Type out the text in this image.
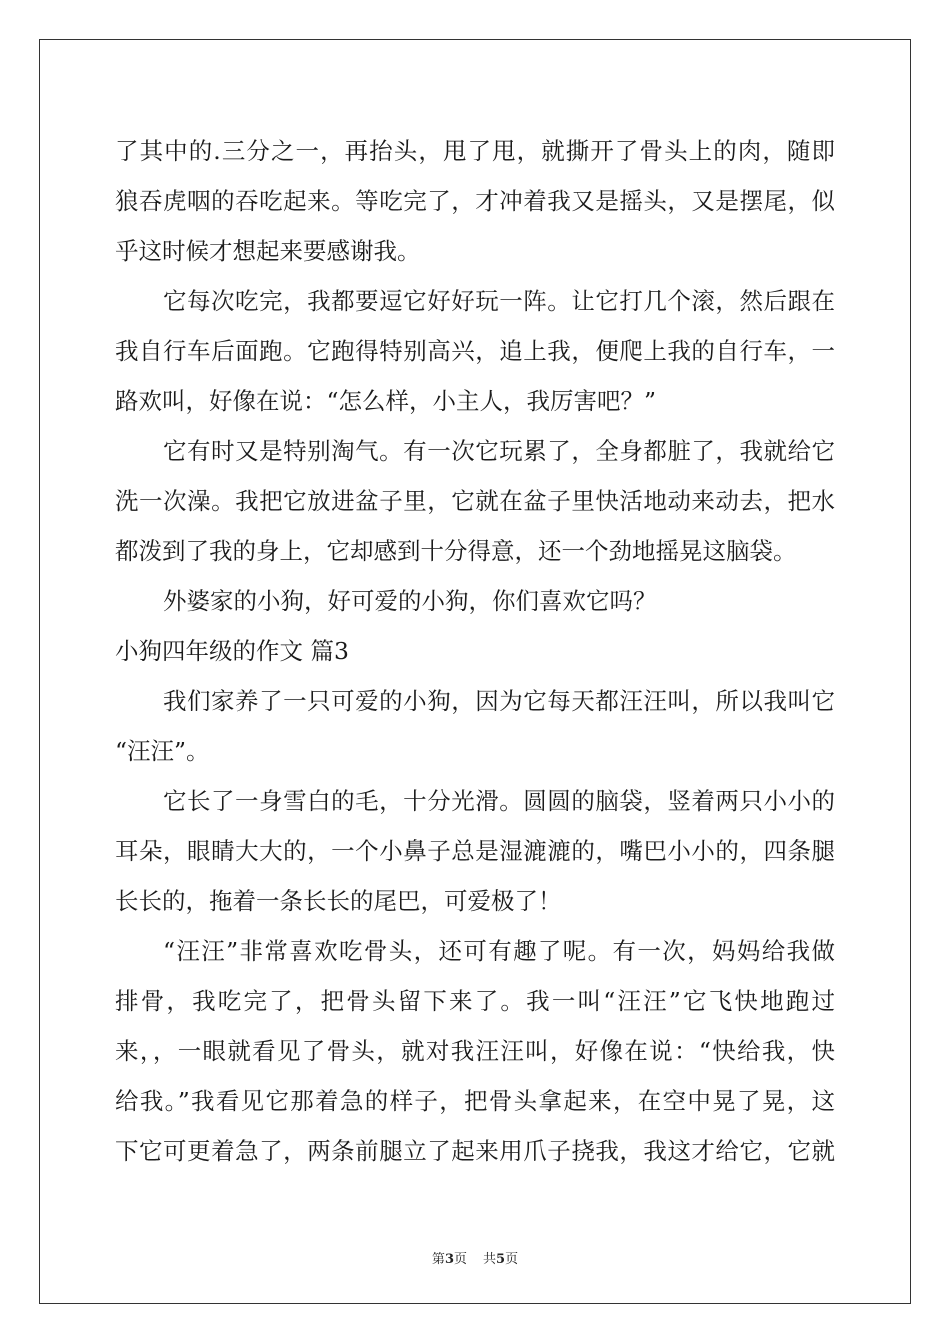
了其中的.三分之一，再抬头，甩了甩，就撕开了骨头上的肉，随即
狼吞虎咽的吞吃起来。等吃完了，才冲着我又是摇头，又是摆尾，似
乎这时候才想起来要感谢我。
它每次吃完，我都要逗它好好玩一阵。让它打几个滚，然后跟在
我自行车后面跑。它跑得特别高兴，追上我，便爬上我的自行车，一
路欢叫，好像在说：“怎么样，小主人，我厉害吧？”
它有时又是特别淘气。有一次它玩累了，全身都脏了，我就给它
洗一次澡。我把它放进盆子里，它就在盆子里快活地动来动去，把水
都泼到了我的身上，它却感到十分得意，还一个劲地摇晃这脑袋。
外婆家的小狗，好可爱的小狗，你们喜欢它吗？
小狗四年级的作文 篇3
我们家养了一只可爱的小狗，因为它每天都汪汪叫，所以我叫它
“汪汪”。
它长了一身雪白的毛，十分光滑。圆圆的脑袋，竖着两只小小的
耳朵，眼睛大大的，一个小鼻子总是湿漉漉的，嘴巴小小的，四条腿
长长的，拖着一条长长的尾巴，可爱极了！
“汪汪”非常喜欢吃骨头，还可有趣了呢。有一次，妈妈给我做
排骨，我吃完了，把骨头留下来了。我一叫“汪汪”它飞快地跑过
来，，一眼就看见了骨头，就对我汪汪叫，好像在说：“快给我，快
给我。”我看见它那着急的样子，把骨头拿起来，在空中晃了晃，这
下它可更着急了，两条前腿立了起来用爪子挠我，我这才给它，它就
第3页 共5页
